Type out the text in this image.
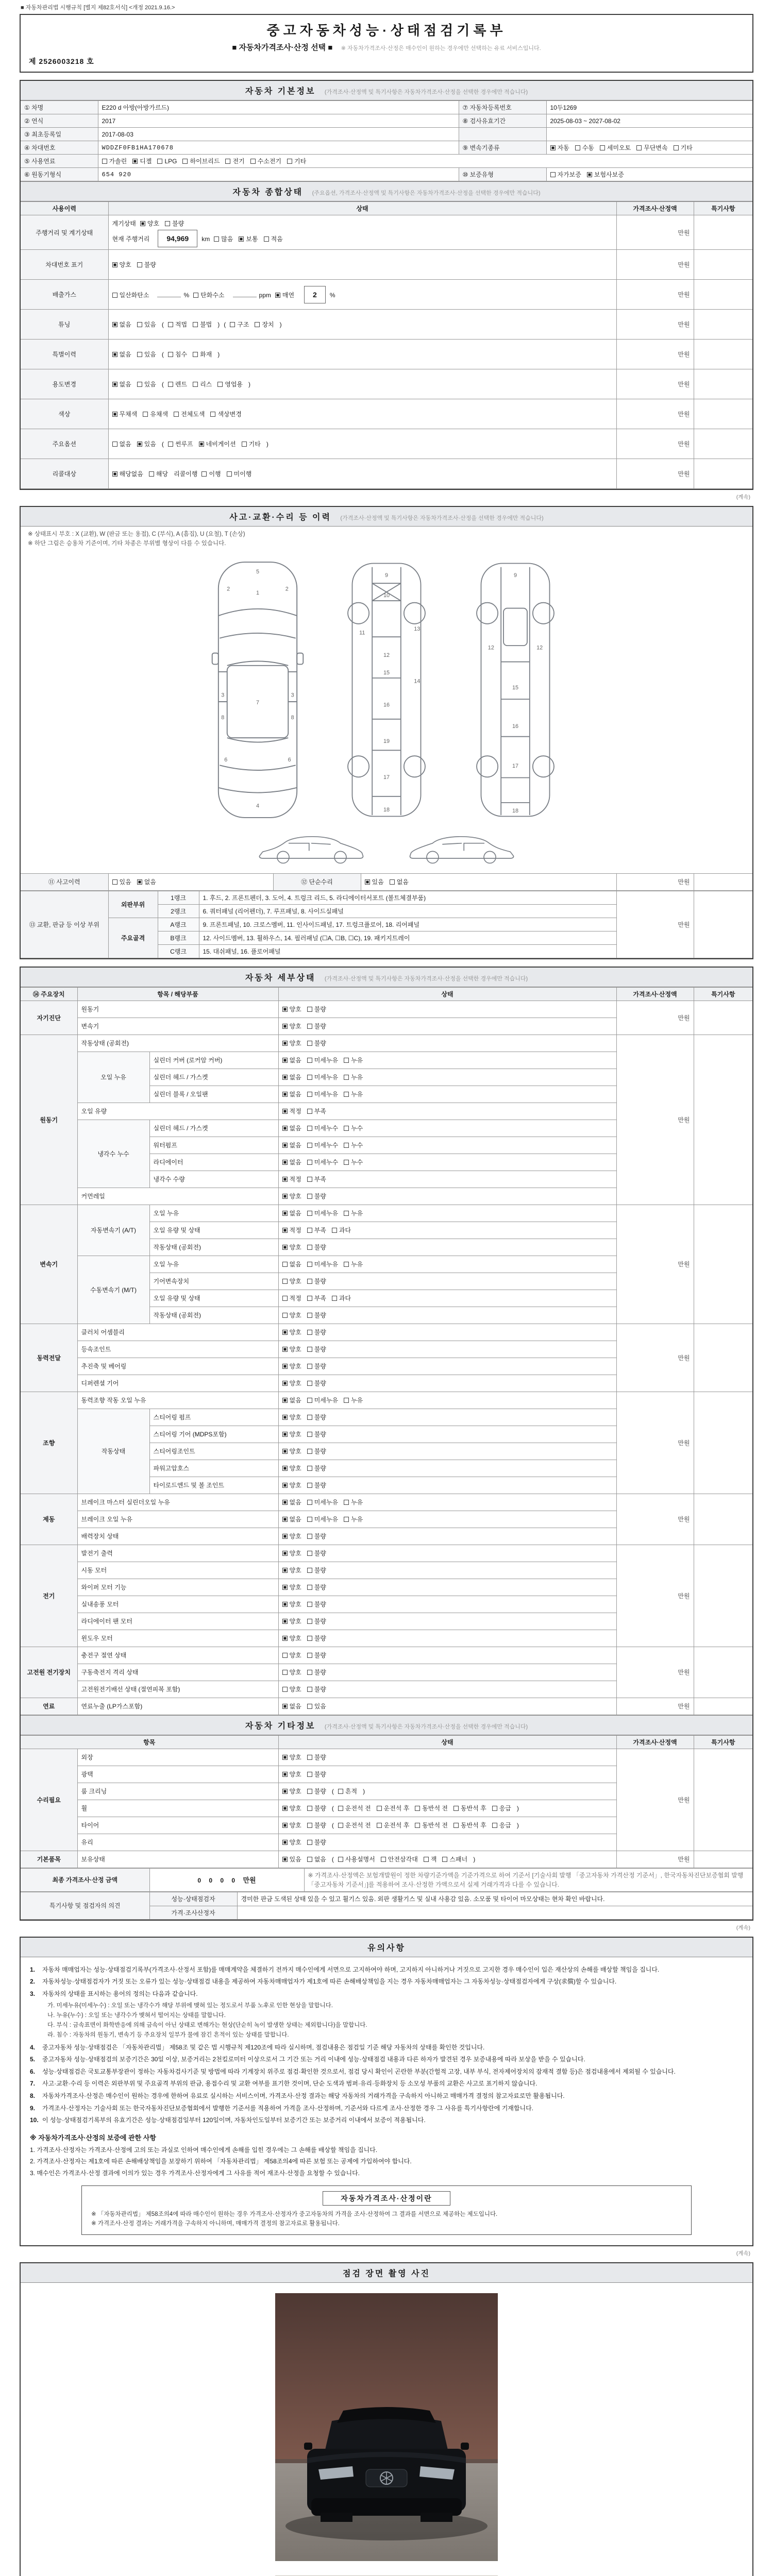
■ 자동차관리법 시행규칙 [별지 제82호서식] <개정 2021.9.16.>
중고자동차성능·상태점검기록부
■ 자동차가격조사·산정 선택 ■ ※ 자동차가격조사·산정은 매수인이 원하는 경우에만 선택하는 유료 서비스입니다.
제 2526003218 호
자동차 기본정보 (가격조사·산정액 및 특기사항은 자동차가격조사·산정을 선택한 경우에만 적습니다)
① 차명	E220 d 아방(아방가르드)	⑦ 자동차등록번호	10두1269
② 연식	2017	⑧ 검사유효기간	2025-08-03 ~ 2027-08-02
③ 최초등록일	2017-08-03		
④ 차대번호	WDDZF0FB1HA170678	⑨ 변속기종류	자동 수동 세미오토 무단변속 기타
⑤ 사용연료	가솔린 디젤 LPG 하이브리드 전기 수소전기 기타		
⑥ 원동기형식	654 920	⑩ 보증유형	자가보증 보험사보증
자동차 종합상태 (주요옵션, 가격조사·산정액 및 특기사항은 자동차가격조사·산정을 선택한 경우에만 적습니다)
사용이력	상태	가격조사·산정액	특기사항
주행거리 및 계기상태	계기상태 양호 불량
현재 주행거리 94,969 km 많음 보통 적음	만원	
차대번호 표기	양호 불량	만원	
배출가스	일산화탄소 % 탄화수소 ppm 매연 2 %	만원	
튜닝	없음 있음 ( 적법 불법 ) ( 구조 장치 )	만원	
특별이력	없음 있음 ( 침수 화재 )	만원	
용도변경	없음 있음 ( 렌트 리스 영업용 )	만원	
색상	무채색 유채색 전체도색 색상변경	만원	
주요옵션	없음 있음 ( 썬루프 네비게이션 기타 )	만원	
리콜대상	해당없음 해당 리콜이행 이행 미이행	만원	
(계속)
사고·교환·수리 등 이력 (가격조사·산정액 및 특기사항은 자동차가격조사·산정을 선택한 경우에만 적습니다)
※ 상태표시 부호 : X (교환), W (판금 또는 용접), C (부식), A (흠집), U (요철), T (손상)
※ 하단 그림은 승용차 기준이며, 기타 차종은 부위별 형상이 다를 수 있습니다.
1
2	2
3	3
4
5
6	6
7
8	8
9
10
11
12
13
14
15
16
17
18
19
9
12	12
15
16
17
18
⑪ 사고이력	있음 없음	⑫ 단순수리	있음 없음	만원	
⑬ 교환, 판금 등 이상 부위	외판부위	1랭크	1. 후드, 2. 프론트펜더, 3. 도어, 4. 트렁크 리드, 5. 라디에이터서포트 (볼트체결부품)	만원	
		2랭크	6. 쿼터패널 (리어펜더), 7. 루프패널, 8. 사이드실패널		
	주요골격	A랭크	9. 프론트패널, 10. 크로스멤버, 11. 인사이드패널, 17. 트렁크플로어, 18. 리어패널		
		B랭크	12. 사이드멤버, 13. 휠하우스, 14. 필러패널 (☐A, ☐B, ☐C), 19. 패키지트레이		
		C랭크	15. 대쉬패널, 16. 플로어패널		
자동차 세부상태 (가격조사·산정액 및 특기사항은 자동차가격조사·산정을 선택한 경우에만 적습니다)
⑭ 주요장치	항목 / 해당부품		상태	가격조사·산정액	특기사항
자기진단	원동기		양호 불량	만원	
	변속기		양호 불량		
원동기	작동상태 (공회전)		양호 불량	만원	
	오일 누유	실린더 커버 (로커암 커버)	없음 미세누유 누유		
		실린더 헤드 / 가스켓	없음 미세누유 누유		
		실린더 블록 / 오일팬	없음 미세누유 누유		
	오일 유량		적정 부족		
	냉각수 누수	실린더 헤드 / 가스켓	없음 미세누수 누수		
		워터펌프	없음 미세누수 누수		
		라디에이터	없음 미세누수 누수		
		냉각수 수량	적정 부족		
	커먼레일		양호 불량		
변속기	자동변속기 (A/T)	오일 누유	없음 미세누유 누유	만원	
		오일 유량 및 상태	적정 부족 과다		
		작동상태 (공회전)	양호 불량		
	수동변속기 (M/T)	오일 누유	없음 미세누유 누유		
		기어변속장치	양호 불량		
		오일 유량 및 상태	적정 부족 과다		
		작동상태 (공회전)	양호 불량		
동력전달	클러치 어셈블리		양호 불량	만원	
	등속조인트		양호 불량		
	추진축 및 베어링		양호 불량		
	디퍼렌셜 기어		양호 불량		
조향	동력조향 작동 오일 누유		없음 미세누유 누유	만원	
	작동상태	스티어링 펌프	양호 불량		
		스티어링 기어 (MDPS포함)	양호 불량		
		스티어링조인트	양호 불량		
		파워고압호스	양호 불량		
		타이로드엔드 및 볼 조인트	양호 불량		
제동	브레이크 마스터 실린더오일 누유		없음 미세누유 누유	만원	
	브레이크 오일 누유		없음 미세누유 누유		
	배력장치 상태		양호 불량		
전기	발전기 출력		양호 불량	만원	
	시동 모터		양호 불량		
	와이퍼 모터 기능		양호 불량		
	실내송풍 모터		양호 불량		
	라디에이터 팬 모터		양호 불량		
	윈도우 모터		양호 불량		
고전원 전기장치	충전구 절연 상태		양호 불량	만원	
	구동축전지 격리 상태		양호 불량		
	고전원전기배선 상태 (절연피복 포함)		양호 불량		
연료	연료누출 (LP가스포함)		없음 있음	만원	
자동차 기타정보 (가격조사·산정액 및 특기사항은 자동차가격조사·산정을 선택한 경우에만 적습니다)
항목		상태	가격조사·산정액	특기사항
수리필요	외장	양호 불량	만원	
	광택	양호 불량		
	룸 크리닝	양호 불량 ( 흔적 )		
	휠	양호 불량 ( 운전석 전 운전석 후 동반석 전 동반석 후 응급 )		
	타이어	양호 불량 ( 운전석 전 운전석 후 동반석 전 동반석 후 응급 )		
	유리	양호 불량		
기본품목	보유상태	있음 없음 ( 사용설명서 안전삼각대 잭 스패너 )	만원	
최종 가격조사·산정 금액	0 0 0 0 만원	※ 가격조사·산정액은 보험개발원이 정한 차량기준가액을 기준가격으로 하여 기준서 [기술사회 발행 「중고자동차 가격산정 기준서」, 한국자동차진단보증협회 발행 「중고자동차 기준서」]를 적용하여 조사·산정한 가액으로서 실제 거래가격과 다를 수 있습니다.
특기사항 및 점검자의 의견	성능·상태점검자	경미한 판금 도색된 상태 있을 수 있고 휠기스 있음. 외판 생활기스 및 실내 사용감 있음. 소모품 및 타이어 마모상태는 현차 확인 바랍니다.
	가격·조사산정자	
(계속)
유의사항
1.	자동차 매매업자는 성능·상태점검기록부(가격조사·산정서 포함)를 매매계약을 체결하기 전까지 매수인에게 서면으로 고지하여야 하며, 고지하지 아니하거나 거짓으로 고지한 경우 매수인이 입은 재산상의 손해를 배상할 책임을 집니다.
2.	자동차성능·상태점검자가 거짓 또는 오류가 있는 성능·상태점검 내용을 제공하여 자동차매매업자가 제1호에 따른 손해배상책임을 지는 경우 자동차매매업자는 그 자동차성능·상태점검자에게 구상(求償)할 수 있습니다.
3.	자동차의 상태를 표시하는 용어의 정의는 다음과 같습니다.
가. 미세누유(미세누수) : 오일 또는 냉각수가 해당 부위에 맺혀 있는 정도로서 부품 노후로 인한 현상을 말합니다.
나. 누유(누수) : 오일 또는 냉각수가 맺혀서 떨어지는 상태를 말합니다.
다. 부식 : 금속표면이 화학반응에 의해 금속이 아닌 상태로 변해가는 현상(단순히 녹이 발생한 상태는 제외합니다)을 말합니다.
라. 침수 : 자동차의 원동기, 변속기 등 주요장치 일부가 물에 잠긴 흔적이 있는 상태를 말합니다.
4.	중고자동차 성능·상태점검은 「자동차관리법」 제58조 및 같은 법 시행규칙 제120조에 따라 실시하며, 점검내용은 점검일 기준 해당 자동차의 상태를 확인한 것입니다.
5.	중고자동차 성능·상태점검의 보증기간은 30일 이상, 보증거리는 2천킬로미터 이상으로서 그 기간 또는 거리 이내에 성능·상태점검 내용과 다른 하자가 발견된 경우 보증내용에 따라 보상을 받을 수 있습니다.
6.	성능·상태점검은 국토교통부장관이 정하는 자동차검사기준 및 방법에 따라 기계장치 위주로 점검·확인한 것으로서, 점검 당시 확인이 곤란한 부분(간헐적 고장, 내부 부식, 전자제어장치의 잠재적 결함 등)은 점검내용에서 제외될 수 있습니다.
7.	사고·교환·수리 등 이력은 외판부위 및 주요골격 부위의 판금, 용접수리 및 교환 여부를 표기한 것이며, 단순 도색과 범퍼·유리·등화장치 등 소모성 부품의 교환은 사고로 표기하지 않습니다.
8.	자동차가격조사·산정은 매수인이 원하는 경우에 한하여 유료로 실시하는 서비스이며, 가격조사·산정 결과는 해당 자동차의 거래가격을 구속하지 아니하고 매매가격 결정의 참고자료로만 활용됩니다.
9.	가격조사·산정자는 기술사회 또는 한국자동차진단보증협회에서 발행한 기준서를 적용하여 가격을 조사·산정하며, 기준서와 다르게 조사·산정한 경우 그 사유를 특기사항란에 기재합니다.
10. 이 성능·상태점검기록부의 유효기간은 성능·상태점검일부터 120일이며, 자동차인도일부터 보증기간 또는 보증거리 이내에서 보증이 적용됩니다.
※ 자동차가격조사·산정의 보증에 관한 사항
1. 가격조사·산정자는 가격조사·산정에 고의 또는 과실로 인하여 매수인에게 손해를 입힌 경우에는 그 손해를 배상할 책임을 집니다.
2. 가격조사·산정자는 제1호에 따른 손해배상책임을 보장하기 위하여 「자동차관리법」 제58조의4에 따른 보험 또는 공제에 가입하여야 합니다.
3. 매수인은 가격조사·산정 결과에 이의가 있는 경우 가격조사·산정자에게 그 사유를 적어 재조사·산정을 요청할 수 있습니다.
자동차가격조사·산정이란
※ 「자동차관리법」 제58조의4에 따라 매수인이 원하는 경우 가격조사·산정자가 중고자동차의 가격을 조사·산정하여 그 결과를 서면으로 제공하는 제도입니다.
※ 가격조사·산정 결과는 거래가격을 구속하지 아니하며, 매매가격 결정의 참고자료로 활용됩니다.
(계속)
점검 장면 촬영 사진
